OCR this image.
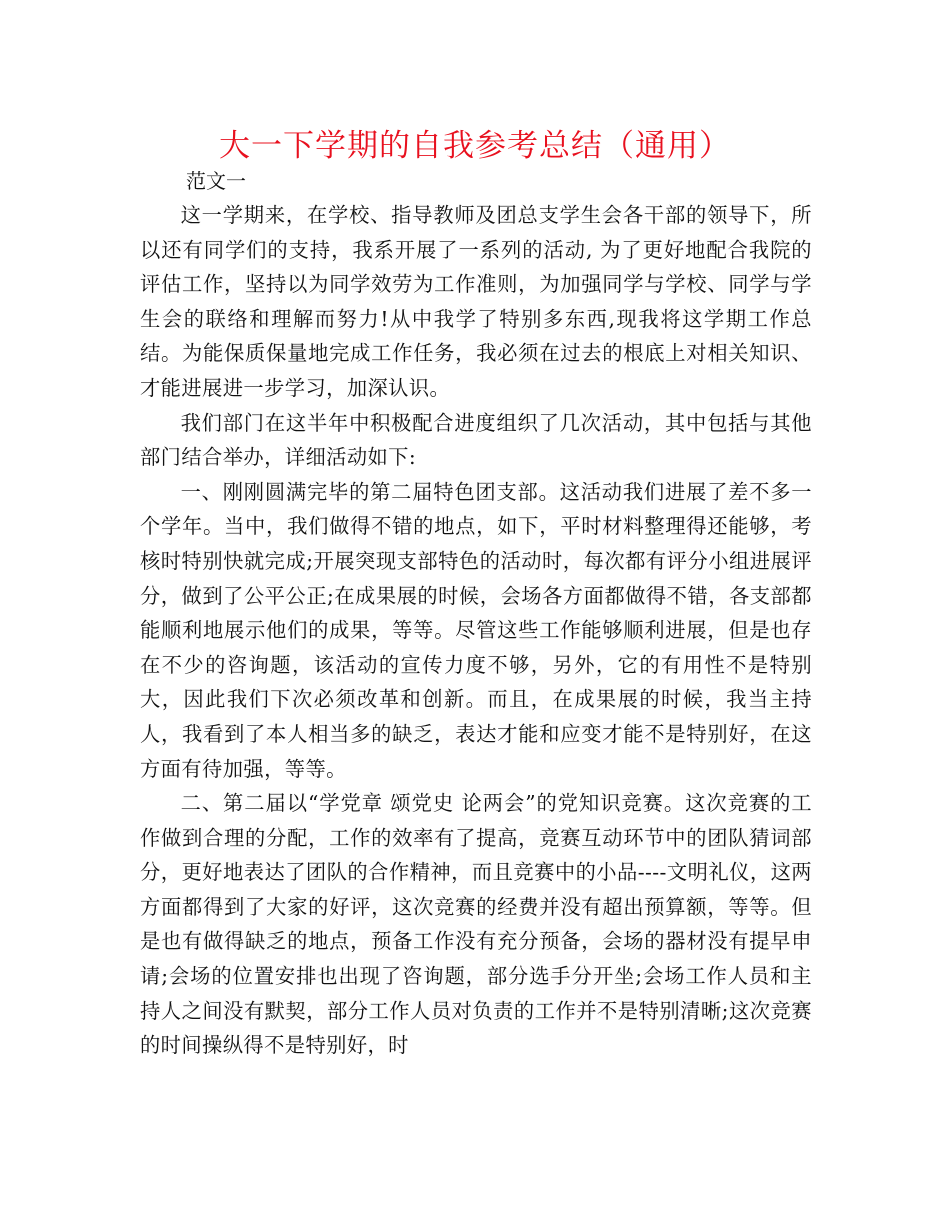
大一下学期的自我参考总结（通用）
范文一

这一学期来，在学校、指导教师及团总支学生会各干部的领导下，所以还有同学们的支持，我系开展了一系列的活动, 为了更好地配合我院的评估工作，坚持以为同学效劳为工作准则，为加强同学与学校、同学与学生会的联络和理解而努力!从中我学了特别多东西,现我将这学期工作总结。为能保质保量地完成工作任务，我必须在过去的根底上对相关知识、才能进展进一步学习，加深认识。

我们部门在这半年中积极配合进度组织了几次活动，其中包括与其他部门结合举办，详细活动如下:

一、刚刚圆满完毕的第二届特色团支部。这活动我们进展了差不多一个学年。当中，我们做得不错的地点，如下，平时材料整理得还能够，考核时特别快就完成;开展突现支部特色的活动时，每次都有评分小组进展评分，做到了公平公正;在成果展的时候，会场各方面都做得不错，各支部都能顺利地展示他们的成果，等等。尽管这些工作能够顺利进展，但是也存在不少的咨询题，该活动的宣传力度不够，另外，它的有用性不是特别大，因此我们下次必须改革和创新。而且，在成果展的时候，我当主持人，我看到了本人相当多的缺乏，表达才能和应变才能不是特别好，在这方面有待加强，等等。

二、第二届以“学党章 颂党史 论两会”的党知识竞赛。这次竞赛的工作做到合理的分配，工作的效率有了提高，竞赛互动环节中的团队猜词部分，更好地表达了团队的合作精神，而且竞赛中的小品----文明礼仪，这两方面都得到了大家的好评，这次竞赛的经费并没有超出预算额，等等。但是也有做得缺乏的地点，预备工作没有充分预备，会场的器材没有提早申请;会场的位置安排也出现了咨询题，部分选手分开坐;会场工作人员和主持人之间没有默契，部分工作人员对负责的工作并不是特别清晰;这次竞赛的时间操纵得不是特别好，时
